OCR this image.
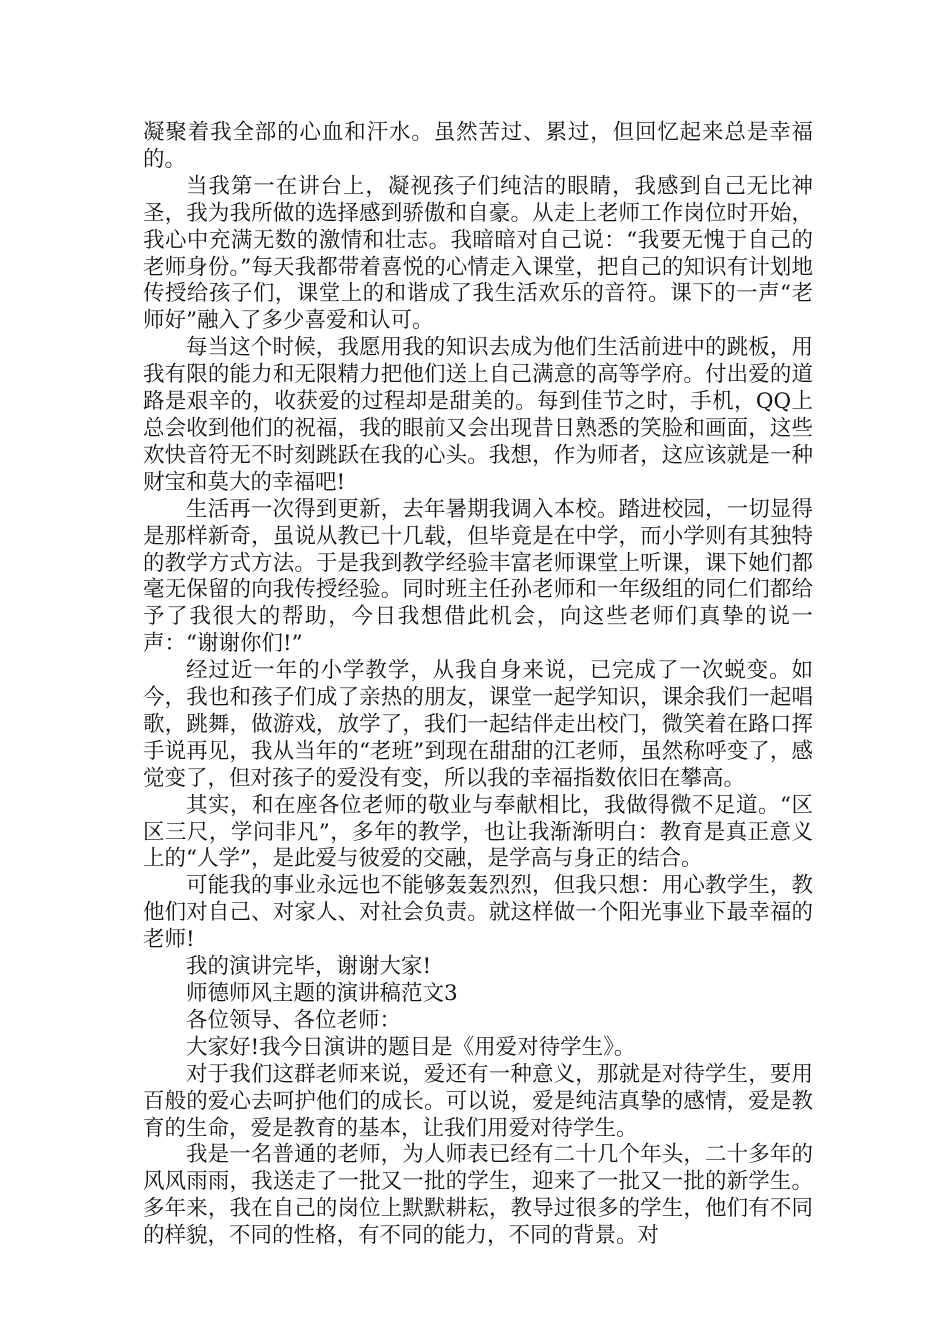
凝聚着我全部的心血和汗水。虽然苦过、累过，但回忆起来总是幸福的。

当我第一在讲台上，凝视孩子们纯洁的眼睛，我感到自己无比神圣，我为我所做的选择感到骄傲和自豪。从走上老师工作岗位时开始，我心中充满无数的激情和壮志。我暗暗对自己说：“我要无愧于自己的老师身份。”每天我都带着喜悦的心情走入课堂，把自己的知识有计划地传授给孩子们，课堂上的和谐成了我生活欢乐的音符。课下的一声“老师好”融入了多少喜爱和认可。

每当这个时候，我愿用我的知识去成为他们生活前进中的跳板，用我有限的能力和无限精力把他们送上自己满意的高等学府。付出爱的道路是艰辛的，收获爱的过程却是甜美的。每到佳节之时，手机，QQ上总会收到他们的祝福，我的眼前又会出现昔日熟悉的笑脸和画面，这些欢快音符无不时刻跳跃在我的心头。我想，作为师者，这应该就是一种财宝和莫大的幸福吧!

生活再一次得到更新，去年暑期我调入本校。踏进校园，一切显得是那样新奇，虽说从教已十几载，但毕竟是在中学，而小学则有其独特的教学方式方法。于是我到教学经验丰富老师课堂上听课，课下她们都毫无保留的向我传授经验。同时班主任孙老师和一年级组的同仁们都给予了我很大的帮助，今日我想借此机会，向这些老师们真挚的说一声：“谢谢你们!”

经过近一年的小学教学，从我自身来说，已完成了一次蜕变。如今，我也和孩子们成了亲热的朋友，课堂一起学知识，课余我们一起唱歌，跳舞，做游戏，放学了，我们一起结伴走出校门，微笑着在路口挥手说再见，我从当年的“老班”到现在甜甜的江老师，虽然称呼变了，感觉变了，但对孩子的爱没有变，所以我的幸福指数依旧在攀高。

其实，和在座各位老师的敬业与奉献相比，我做得微不足道。“区区三尺，学问非凡”，多年的教学，也让我渐渐明白：教育是真正意义上的“人学”，是此爱与彼爱的交融，是学高与身正的结合。

可能我的事业永远也不能够轰轰烈烈，但我只想：用心教学生，教他们对自己、对家人、对社会负责。就这样做一个阳光事业下最幸福的老师!

我的演讲完毕，谢谢大家!

师德师风主题的演讲稿范文3

各位领导、各位老师：

大家好!我今日演讲的题目是《用爱对待学生》。

对于我们这群老师来说，爱还有一种意义，那就是对待学生，要用百般的爱心去呵护他们的成长。可以说，爱是纯洁真挚的感情，爱是教育的生命，爱是教育的基本，让我们用爱对待学生。

我是一名普通的老师，为人师表已经有二十几个年头，二十多年的风风雨雨，我送走了一批又一批的学生，迎来了一批又一批的新学生。多年来，我在自己的岗位上默默耕耘，教导过很多的学生，他们有不同的样貌，不同的性格，有不同的能力，不同的背景。对
